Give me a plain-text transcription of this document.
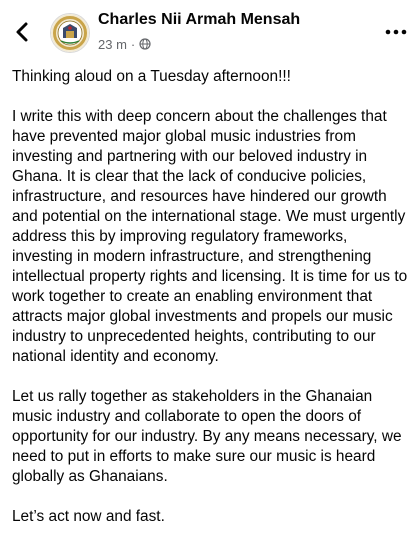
Charles Nii Armah Mensah
23 m ·

Thinking aloud on a Tuesday afternoon!!!

I write this with deep concern about the challenges that have prevented major global music industries from investing and partnering with our beloved industry in Ghana. It is clear that the lack of conducive policies, infrastructure, and resources have hindered our growth and potential on the international stage. We must urgently address this by improving regulatory frameworks, investing in modern infrastructure, and strengthening intellectual property rights and licensing. It is time for us to work together to create an enabling environment that attracts major global investments and propels our music industry to unprecedented heights, contributing to our national identity and economy.

Let us rally together as stakeholders in the Ghanaian music industry and collaborate to open the doors of opportunity for our industry. By any means necessary, we need to put in efforts to make sure our music is heard globally as Ghanaians.

Let’s act now and fast.
